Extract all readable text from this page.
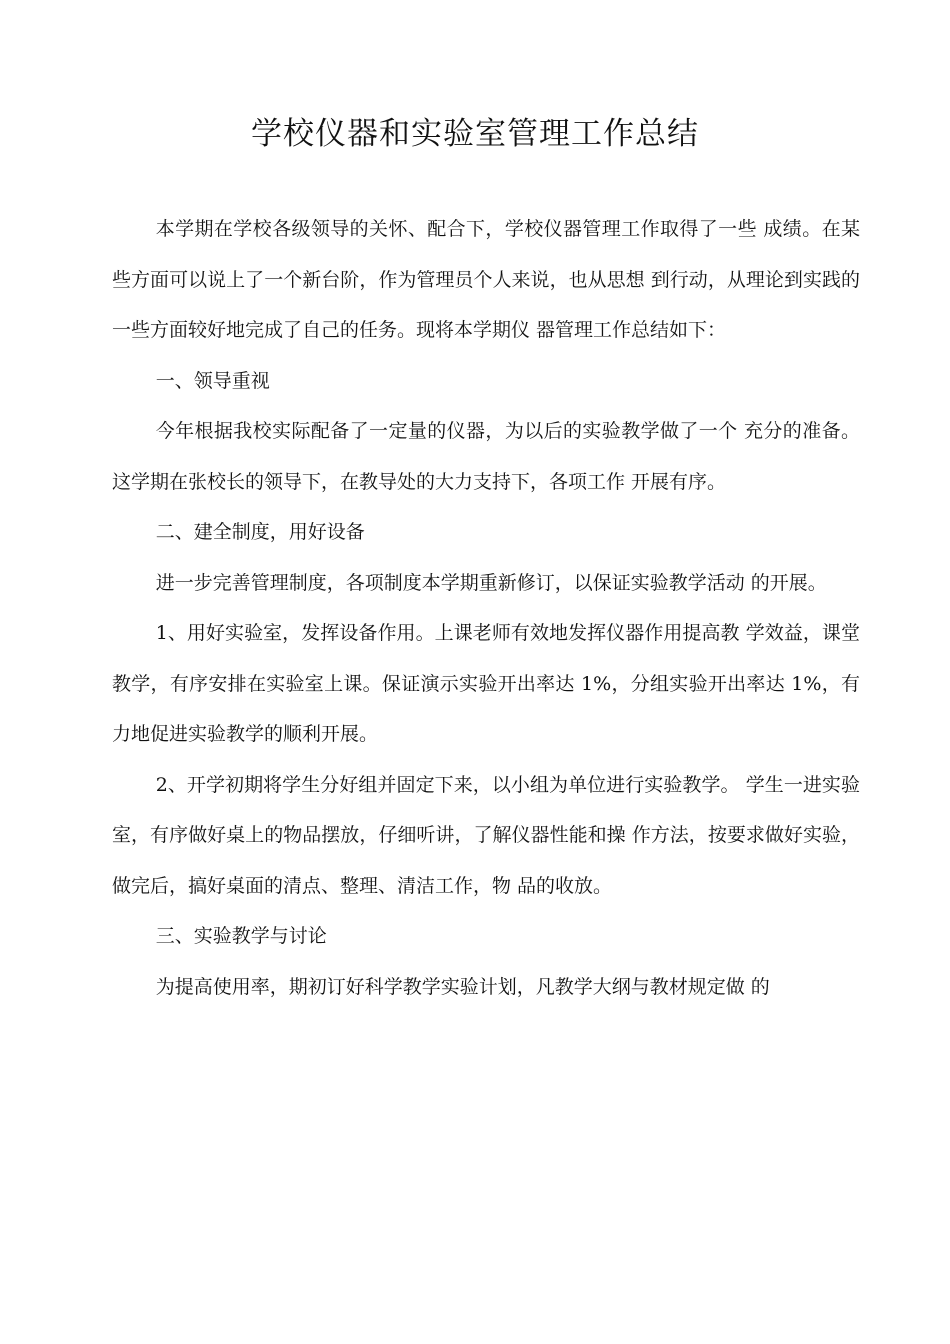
学校仪器和实验室管理工作总结

本学期在学校各级领导的关怀、配合下，学校仪器管理工作取得了一些 成绩。在某些方面可以说上了一个新台阶，作为管理员个人来说，也从思想 到行动，从理论到实践的一些方面较好地完成了自己的任务。现将本学期仪 器管理工作总结如下：

一、领导重视

今年根据我校实际配备了一定量的仪器，为以后的实验教学做了一个 充分的准备。这学期在张校长的领导下，在教导处的大力支持下，各项工作 开展有序。

二、建全制度，用好设备

进一步完善管理制度，各项制度本学期重新修订，以保证实验教学活动 的开展。

1、用好实验室，发挥设备作用。上课老师有效地发挥仪器作用提高教 学效益，课堂教学，有序安排在实验室上课。保证演示实验开出率达 1%，分组实验开出率达 1%，有力地促进实验教学的顺利开展。

2、开学初期将学生分好组并固定下来，以小组为单位进行实验教学。 学生一进实验室，有序做好桌上的物品摆放，仔细听讲，了解仪器性能和操 作方法，按要求做好实验，做完后，搞好桌面的清点、整理、清洁工作，物 品的收放。

三、实验教学与讨论

为提高使用率，期初订好科学教学实验计划，凡教学大纲与教材规定做 的
